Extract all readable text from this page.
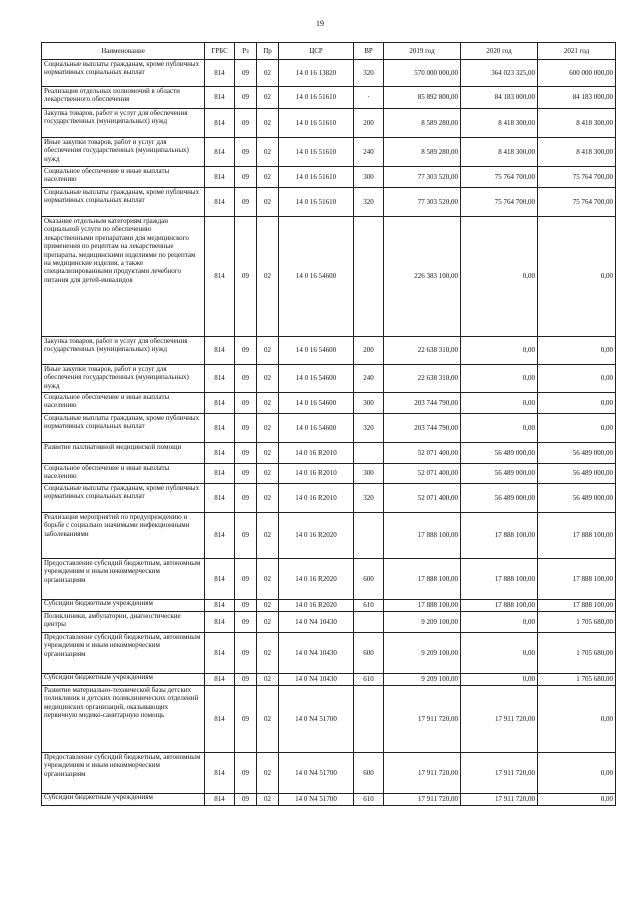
19
Наименование	ГРБС	Рз	Пр	ЦСР	ВР	2019 год	2020 год	2021 год
Социальные выплаты гражданам, кроме публичных нормативных социальных выплат	814	09	02	14 0 16 13820	320	570 000 000,00	364 023 325,00	600 000 000,00
Реализация отдельных полномочий в области лекарственного обеспечения	814	09	02	14 0 16 51610	·	85 892 800,00	84 183 000,00	84 183 000,00
Закупка товаров, работ и услуг для обеспечения государственных (муниципальных) нужд	814	09	02	14 0 16 51610	200	8 589 280,00	8 418 300,00	8 418 300,00
Иные закупки товаров, работ и услуг для обеспечения государственных (муниципальных) нужд	814	09	02	14 0 16 51610	240	8 589 280,00	8 418 300,00	8 418 300,00
Социальное обеспечение и иные выплаты населению	814	09	02	14 0 16 51610	300	77 303 520,00	75 764 700,00	75 764 700,00
Социальные выплаты гражданам, кроме публичных нормативных социальных выплат	814	09	02	14 0 16 51610	320	77 303 520,00	75 764 700,00	75 764 700,00
Оказание отдельным категориям граждан социальной услуги по обеспечению лекарственными препаратами для медицинского применения по рецептам на лекарственные препараты, медицинскими изделиями по рецептам на медицинские изделия, а также специализированными продуктами лечебного питания для детей-инвалидов	814	09	02	14 0 16 54600		226 383 100,00	0,00	0,00
Закупка товаров, работ и услуг для обеспечения государственных (муниципальных) нужд	814	09	02	14 0 16 54600	200	22 638 310,00	0,00	0,00
Иные закупки товаров, работ и услуг для обеспечения государственных (муниципальных) нужд	814	09	02	14 0 16 54600	240	22 638 310,00	0,00	0,00
Социальное обеспечение и иные выплаты населению	814	09	02	14 0 16 54600	300	203 744 790,00	0,00	0,00
Социальные выплаты гражданам, кроме публичных нормативных социальных выплат	814	09	02	14 0 16 54600	320	203 744 790,00	0,00	0,00
Развитие паллиативной медицинской помощи	814	09	02	14 0 16 R2010		52 071 400,00	56 489 000,00	56 489 000,00
Социальное обеспечение и иные выплаты населению	814	09	02	14 0 16 R2010	300	52 071 400,00	56 489 000,00	56 489 000,00
Социальные выплаты гражданам, кроме публичных нормативных социальных выплат	814	09	02	14 0 16 R2010	320	52 071 400,00	56 489 000,00	56 489 000,00
Реализация мероприятий по предупреждению и борьбе с социально значимыми инфекционными заболеваниями	814	09	02	14 0 16 R2020		17 888 100,00	17 888 100,00	17 888 100,00
Предоставление субсидий бюджетным, автономным учреждениям и иным некоммерческим организациям	814	09	02	14 0 16 R2020	600	17 888 100,00	17 888 100,00	17 888 100,00
Субсидии бюджетным учреждениям	814	09	02	14 0 16 R2020	610	17 888 100,00	17 888 100,00	17 888 100,00
Поликлиники, амбулатории, диагностические центры	814	09	02	14 0 N4 10430		9 209 100,00	0,00	1 705 680,00
Предоставление субсидий бюджетным, автономным учреждениям и иным некоммерческим организациям	814	09	02	14 0 N4 10430	600	9 209 100,00	0,00	1 705 680,00
Субсидии бюджетным учреждениям	814	09	02	14 0 N4 10430	610	9 209 100,00	0,00	1 705 680,00
Развитие материально-технической базы детских поликлиник и детских поликлинических отделений медицинских организаций, оказывающих первичную медико-санитарную помощь	814	09	02	14 0 N4 51700		17 911 720,00	17 911 720,00	0,00
Предоставление субсидий бюджетным, автономным учреждениям и иным некоммерческим организациям	814	09	02	14 0 N4 51700	600	17 911 720,00	17 911 720,00	0,00
Субсидии бюджетным учреждениям	814	09	02	14 0 N4 51700	610	17 911 720,00	17 911 720,00	0,00
